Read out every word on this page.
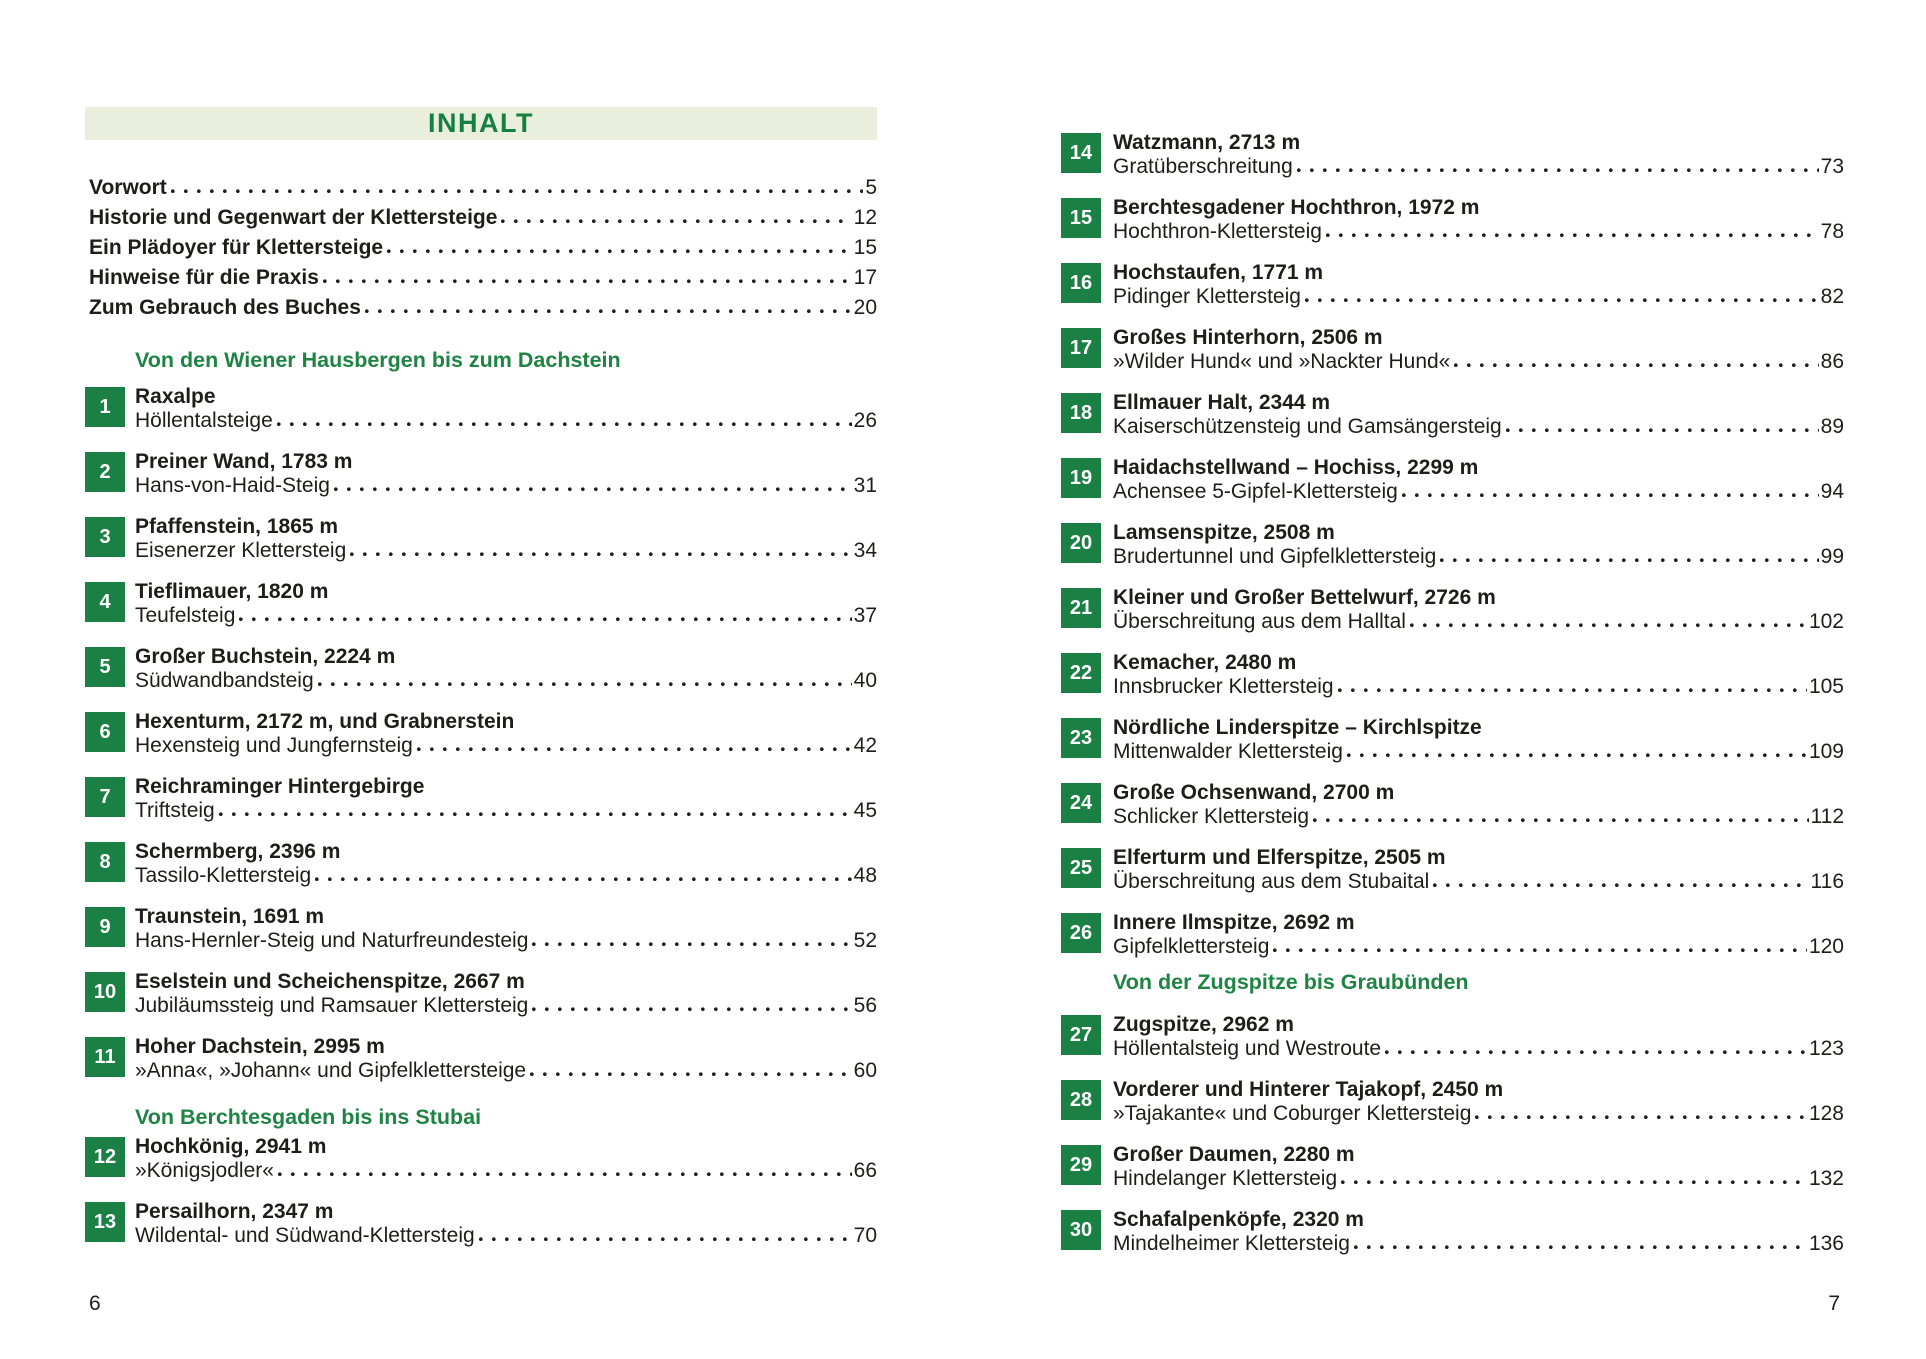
INHALT
Vorwort	5
Historie und Gegenwart der Klettersteige	12
Ein Plädoyer für Klettersteige	15
Hinweise für die Praxis	17
Zum Gebrauch des Buches	20
Von den Wiener Hausbergen bis zum Dachstein
1	Raxalpe
Höllentalsteige	26
2	Preiner Wand, 1783 m
Hans-von-Haid-Steig	31
3	Pfaffenstein, 1865 m
Eisenerzer Klettersteig	34
4	Tieflimauer, 1820 m
Teufelsteig	37
5	Großer Buchstein, 2224 m
Südwandbandsteig	40
6	Hexenturm, 2172 m, und Grabnerstein
Hexensteig und Jungfernsteig	42
7	Reichraminger Hintergebirge
Triftsteig	45
8	Schermberg, 2396 m
Tassilo-Klettersteig	48
9	Traunstein, 1691 m
Hans-Hernler-Steig und Naturfreundesteig	52
10 Eselstein und Scheichenspitze, 2667 m
Jubiläumssteig und Ramsauer Klettersteig	56
11 Hoher Dachstein, 2995 m
»Anna«, »Johann« und Gipfelklettersteige	60
Von Berchtesgaden bis ins Stubai
12 Hochkönig, 2941 m
»Königsjodler«	66
13 Persailhorn, 2347 m
Wildental- und Südwand-Klettersteig	70
6
14 Watzmann, 2713 m
Gratüberschreitung	73
15 Berchtesgadener Hochthron, 1972 m
Hochthron-Klettersteig	78
16 Hochstaufen, 1771 m
Pidinger Klettersteig	82
17 Großes Hinterhorn, 2506 m
»Wilder Hund« und »Nackter Hund«	86
18 Ellmauer Halt, 2344 m
Kaiserschützensteig und Gamsängersteig	89
19 Haidachstellwand – Hochiss, 2299 m
Achensee 5-Gipfel-Klettersteig	94
20 Lamsenspitze, 2508 m
Brudertunnel und Gipfelklettersteig	99
21 Kleiner und Großer Bettelwurf, 2726 m
Überschreitung aus dem Halltal	102
22 Kemacher, 2480 m
Innsbrucker Klettersteig	105
23 Nördliche Linderspitze – Kirchlspitze
Mittenwalder Klettersteig	109
24 Große Ochsenwand, 2700 m
Schlicker Klettersteig	112
25 Elferturm und Elferspitze, 2505 m
Überschreitung aus dem Stubaital	116
26 Innere Ilmspitze, 2692 m
Gipfelklettersteig	120
Von der Zugspitze bis Graubünden
27 Zugspitze, 2962 m
Höllentalsteig und Westroute	123
28 Vorderer und Hinterer Tajakopf, 2450 m
»Tajakante« und Coburger Klettersteig	128
29 Großer Daumen, 2280 m
Hindelanger Klettersteig	132
30 Schafalpenköpfe, 2320 m
Mindelheimer Klettersteig	136
7
